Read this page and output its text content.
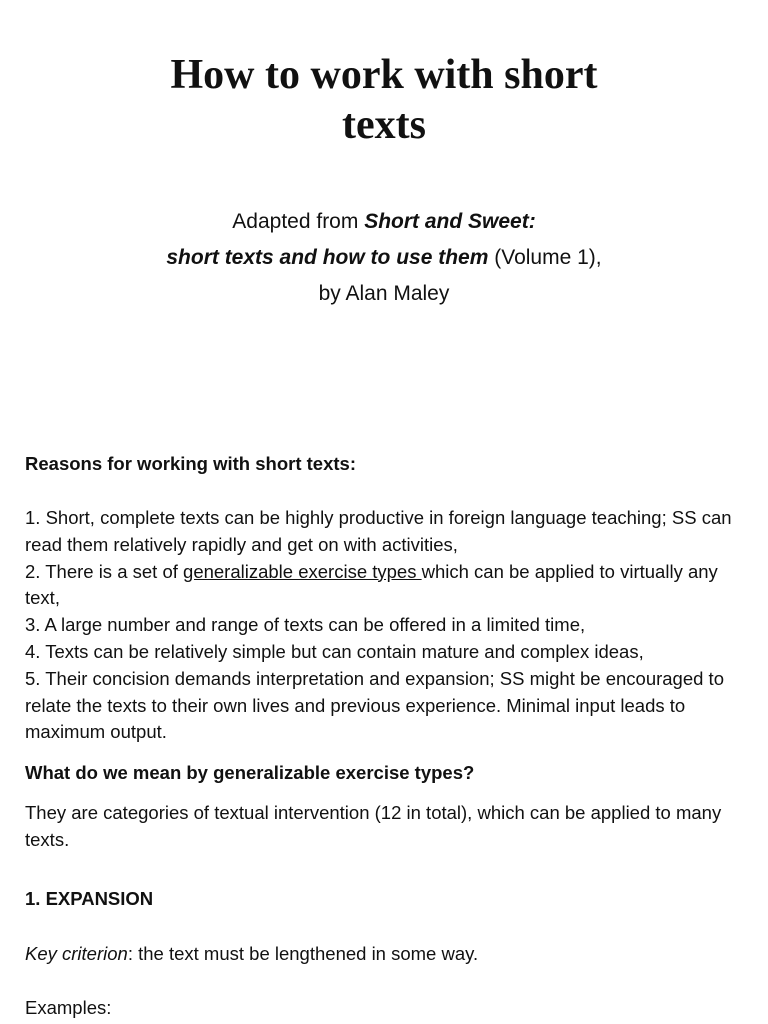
How to work with short
texts
Adapted from Short and Sweet:
short texts and how to use them (Volume 1),
by Alan Maley
Reasons for working with short texts:

1. Short, complete texts can be highly productive in foreign language teaching; SS can read them relatively rapidly and get on with activities,

2. There is a set of generalizable exercise types which can be applied to virtually any text,

3. A large number and range of texts can be offered in a limited time,

4. Texts can be relatively simple but can contain mature and complex ideas,

5. Their concision demands interpretation and expansion; SS might be encouraged to relate the texts to their own lives and previous experience. Minimal input leads to maximum output.

What do we mean by generalizable exercise types?
They are categories of textual intervention (12 in total), which can be applied to many texts.
1. EXPANSION
Key criterion: the text must be lengthened in some way.
Examples:
